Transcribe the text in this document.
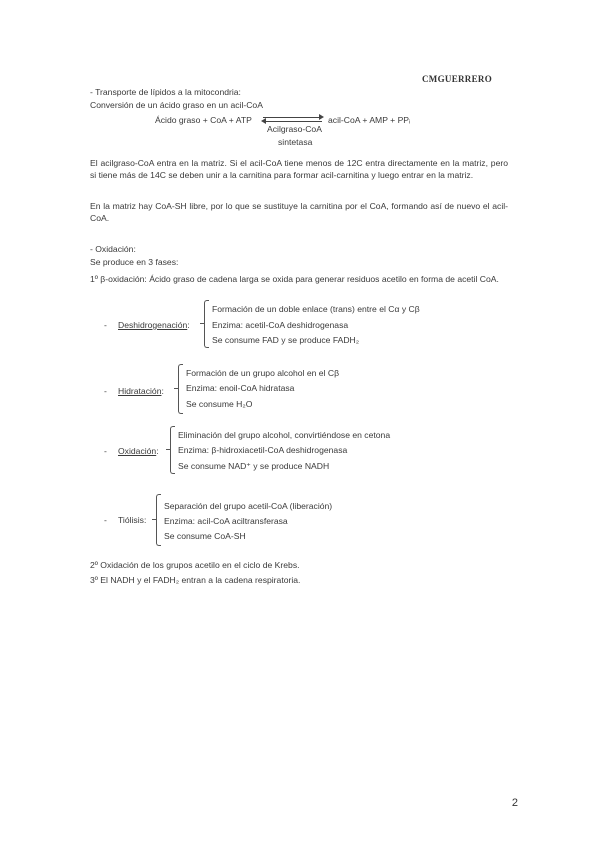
CMGUERRERO
- Transporte de lípidos a la mitocondria:
Conversión de un ácido graso en un acil-CoA
Ácido graso + CoA + ATP	acil-CoA + AMP + PPᵢ
Acilgraso-CoA
sintetasa
El acilgraso-CoA entra en la matriz. Si el acil-CoA tiene menos de 12C entra directamente en la matriz, pero si tiene más de 14C se deben unir a la carnitina para formar acil-carnitina y luego entrar en la matriz.
En la matriz hay CoA-SH libre, por lo que se sustituye la carnitina por el CoA, formando así de nuevo el acil-CoA.
- Oxidación:
Se produce en 3 fases:
1º β-oxidación: Ácido graso de cadena larga se oxida para generar residuos acetilo en forma de acetil CoA.
- Deshidrogenación:
Formación de un doble enlace (trans) entre el Cα y Cβ
Enzima: acetil-CoA deshidrogenasa
Se consume FAD y se produce FADH₂
- Hidratación:
Formación de un grupo alcohol en el Cβ
Enzima: enoil-CoA hidratasa
Se consume H₂O
- Oxidación:
Eliminación del grupo alcohol, convirtiéndose en cetona
Enzima: β-hidroxiacetil-CoA deshidrogenasa
Se consume NAD⁺ y se produce NADH
- Tiólisis:
Separación del grupo acetil-CoA (liberación)
Enzima: acil-CoA aciltransferasa
Se consume CoA-SH
2º Oxidación de los grupos acetilo en el ciclo de Krebs.
3º El NADH y el FADH₂ entran a la cadena respiratoria.
2
